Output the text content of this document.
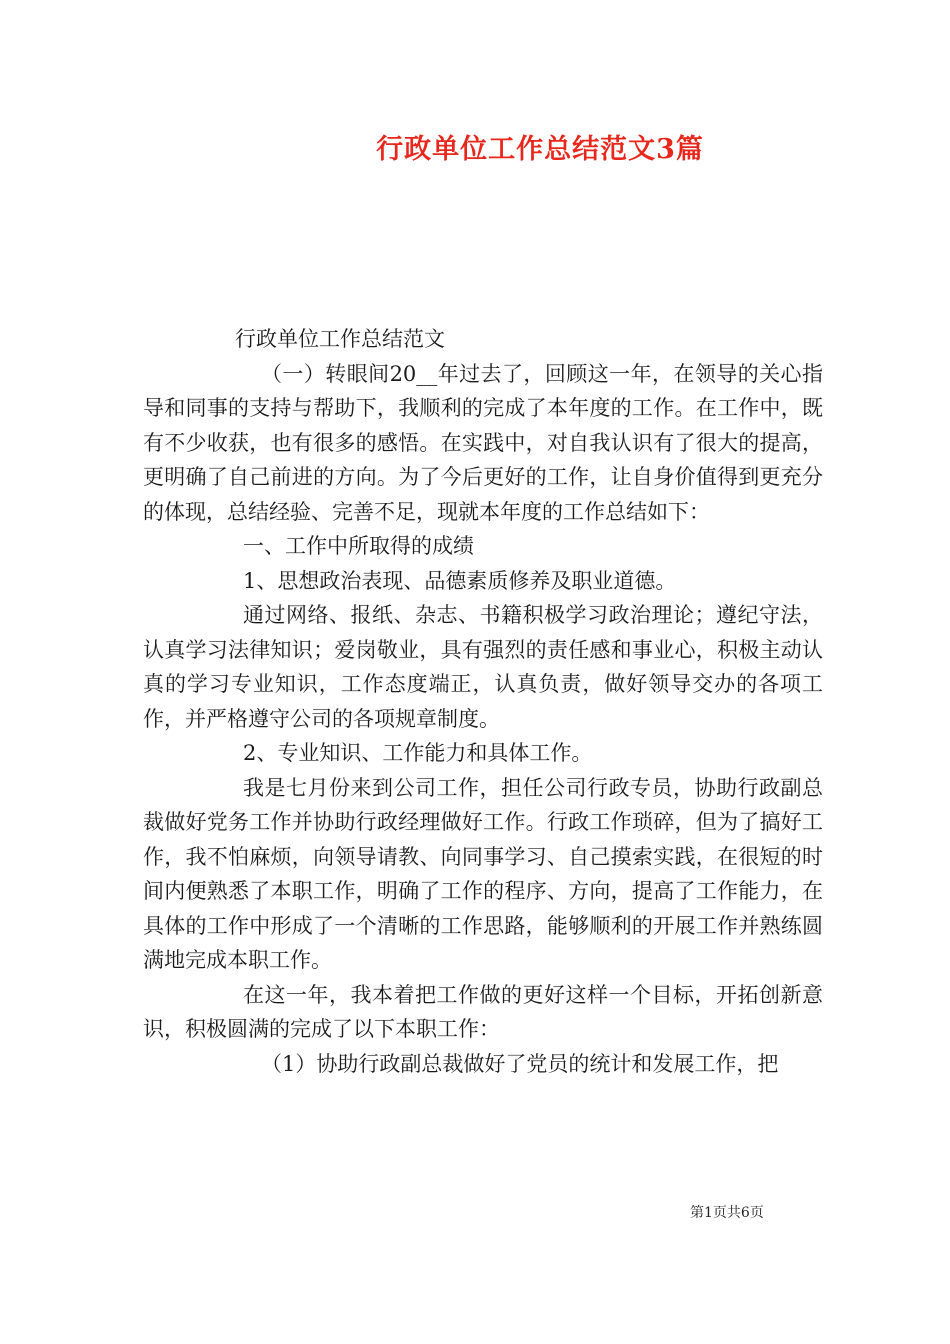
行政单位工作总结范文3篇

行政单位工作总结范文

（一）转眼间20__年过去了，回顾这一年，在领导的关心指导和同事的支持与帮助下，我顺利的完成了本年度的工作。在工作中，既有不少收获，也有很多的感悟。在实践中，对自我认识有了很大的提高，更明确了自己前进的方向。为了今后更好的工作，让自身价值得到更充分的体现，总结经验、完善不足，现就本年度的工作总结如下：

一、工作中所取得的成绩

1、思想政治表现、品德素质修养及职业道德。

通过网络、报纸、杂志、书籍积极学习政治理论；遵纪守法，认真学习法律知识；爱岗敬业，具有强烈的责任感和事业心，积极主动认真的学习专业知识，工作态度端正，认真负责，做好领导交办的各项工作，并严格遵守公司的各项规章制度。

2、专业知识、工作能力和具体工作。

我是七月份来到公司工作，担任公司行政专员，协助行政副总裁做好党务工作并协助行政经理做好工作。行政工作琐碎，但为了搞好工作，我不怕麻烦，向领导请教、向同事学习、自己摸索实践，在很短的时间内便熟悉了本职工作，明确了工作的程序、方向，提高了工作能力，在具体的工作中形成了一个清晰的工作思路，能够顺利的开展工作并熟练圆满地完成本职工作。

在这一年，我本着把工作做的更好这样一个目标，开拓创新意识，积极圆满的完成了以下本职工作：

（1）协助行政副总裁做好了党员的统计和发展工作，把

第1页共6页
